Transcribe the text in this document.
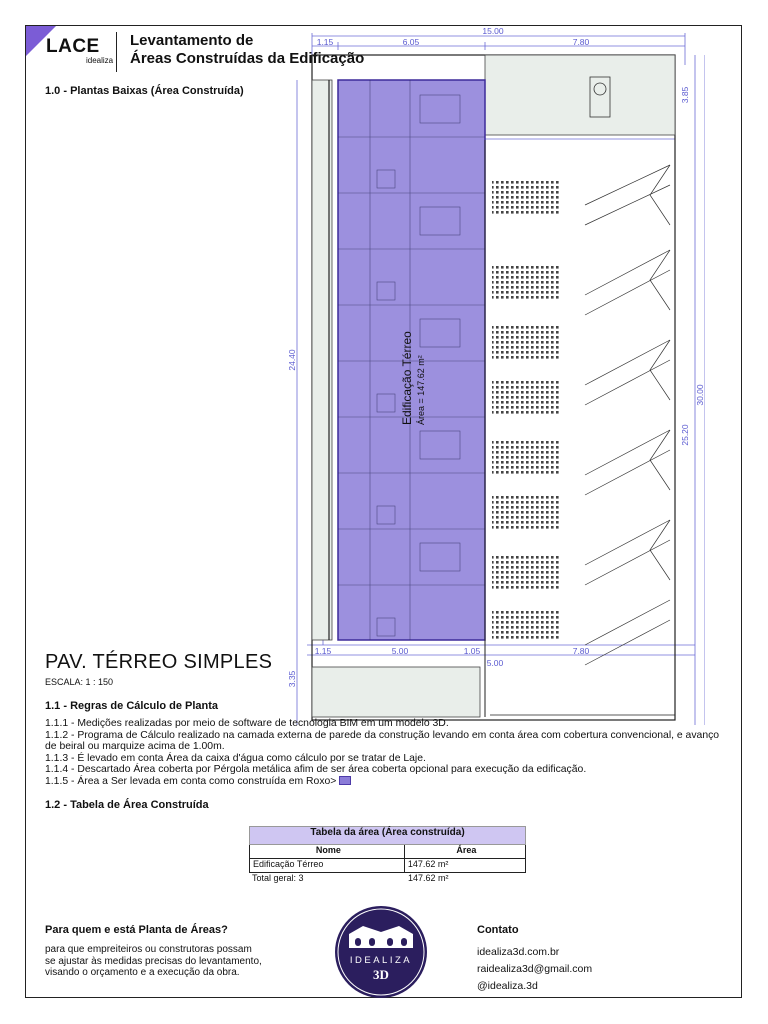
LACE
idealiza
Levantamento de
Áreas Construídas da Edificação
1.0 - Plantas Baixas (Área Construída)
15.00
1.15	6.05	7.80
1.15	5.00	1.05
5.00
7.80
3.85
24.40
30.00
25.20
3.35
Edificação Térreo Área = 147.62 m²
PAV. TÉRREO SIMPLES
ESCALA: 1 : 150
1.1 - Regras de Cálculo de Planta
1.1.1 - Medições realizadas por meio de software de tecnologia BIM em um modelo 3D.
1.1.2 - Programa de Cálculo realizado na camada externa de parede da construção levando em conta área com cobertura convencional, e avanço de beiral ou marquize acima de 1.00m.
1.1.3 - É levado em conta Área da caixa d'água como cálculo por se tratar de Laje.
1.1.4 - Descartado Área coberta por Pérgola metálica afim de ser área coberta opcional para execução da edificação.
1.1.5 - Área a Ser levada em conta como construída em Roxo>
1.2 - Tabela de Área Construída
Tabela da área (Área construída)
Nome	Área
Edificação Térreo	147.62 m²
Total geral: 3	147.62 m²
Para quem e está Planta de Áreas?
para que empreiteiros ou construtoras possam
se ajustar às medidas precisas do levantamento,
visando o orçamento e a execução da obra.
IDEALIZA
3D
Contato
idealiza3d.com.br
raidealiza3d@gmail.com
@idealiza.3d
